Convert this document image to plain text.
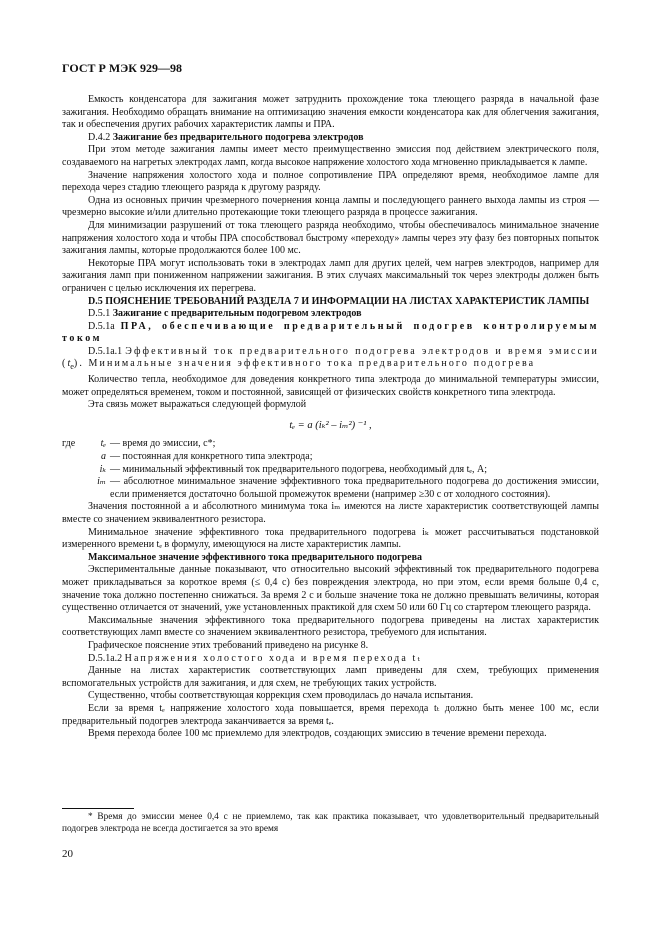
ГОСТ Р МЭК 929—98

Емкость конденсатора для зажигания может затруднить прохождение тока тлеющего разряда в начальной фазе зажигания. Необходимо обращать внимание на оптимизацию значения емкости конденсатора как для облегчения зажигания, так и обеспечения других рабочих характеристик лампы и ПРА.

D.4.2 Зажигание без предварительного подогрева электродов

При этом методе зажигания лампы имеет место преимущественно эмиссия под действием электрического поля, создаваемого на нагретых электродах ламп, когда высокое напряжение холостого хода мгновенно прикладывается к лампе.

Значение напряжения холостого хода и полное сопротивление ПРА определяют время, необходимое лампе для перехода через стадию тлеющего разряда к другому разряду.

Одна из основных причин чрезмерного почернения конца лампы и последующего раннего выхода лампы из строя — чрезмерно высокие и/или длительно протекающие токи тлеющего разряда в процессе зажигания.

Для минимизации разрушений от тока тлеющего разряда необходимо, чтобы обеспечивалось минимальное значение напряжения холостого хода и чтобы ПРА способствовал быстрому «переходу» лампы через эту фазу без повторных попыток зажигания лампы, которые продолжаются более 100 мс.

Некоторые ПРА могут использовать токи в электродах ламп для других целей, чем нагрев электродов, например для зажигания ламп при пониженном напряжении зажигания. В этих случаях максимальный ток через электроды должен быть ограничен с целью исключения их перегрева.

D.5 ПОЯСНЕНИЕ ТРЕБОВАНИЙ РАЗДЕЛА 7 И ИНФОРМАЦИИ НА ЛИСТАХ ХАРАКТЕРИСТИК ЛАМПЫ

D.5.1 Зажигание с предварительным подогревом электродов

D.5.1a ПРА, обеспечивающие предварительный подогрев контролируемым током

D.5.1a.1 Эффективный ток предварительного подогрева электродов и время эмиссии $(t_e)$. Минимальные значения эффективного тока предварительного подогрева

Количество тепла, необходимое для доведения конкретного типа электрода до минимальной температуры эмиссии, может определяться временем, током и постоянной, зависящей от физических свойств конкретного типа электрода.

Эта связь может выражаться следующей формулой

tₑ = a (iₖ² – iₘ²) ⁻¹ ,
где	tₑ — время до эмиссии, с*;
a — постоянная для конкретного типа электрода;
iₖ — минимальный эффективный ток предварительного подогрева, необходимый для tₑ, А;
iₘ — абсолютное минимальное значение эффективного тока предварительного подогрева до достижения эмиссии, если применяется достаточно большой промежуток времени (например ≥30 с от холодного состояния).

Значения постоянной a и абсолютного минимума тока iₘ имеются на листе характеристик соответствующей лампы вместе со значением эквивалентного резистора.

Минимальное значение эффективного тока предварительного подогрева iₖ может рассчитываться подстановкой измеренного времени tₑ в формулу, имеющуюся на листе характеристик лампы.

Максимальное значение эффективного тока предварительного подогрева

Экспериментальные данные показывают, что относительно высокий эффективный ток предварительного подогрева может прикладываться за короткое время (≤ 0,4 с) без повреждения электрода, но при этом, если время больше 0,4 с, значение тока должно постепенно снижаться. За время 2 с и больше значение тока не должно превышать величины, которая существенно отличается от значений, уже установленных практикой для схем 50 или 60 Гц со стартером тлеющего разряда.

Максимальные значения эффективного тока предварительного подогрева приведены на листах характеристик соответствующих ламп вместе со значением эквивалентного резистора, требуемого для испытания.

Графическое пояснение этих требований приведено на рисунке 8.

D.5.1a.2 Напряжения холостого хода и время перехода tₜ

Данные на листах характеристик соответствующих ламп приведены для схем, требующих применения вспомогательных устройств для зажигания, и для схем, не требующих таких устройств.

Существенно, чтобы соответствующая коррекция схем проводилась до начала испытания.

Если за время tₑ напряжение холостого хода повышается, время перехода tₜ должно быть менее 100 мс, если предварительный подогрев электрода заканчивается за время tₑ.

Время перехода более 100 мс приемлемо для электродов, создающих эмиссию в течение времени перехода.

* Время до эмиссии менее 0,4 с не приемлемо, так как практика показывает, что удовлетворительный предварительный подогрев электрода не всегда достигается за это время

20
